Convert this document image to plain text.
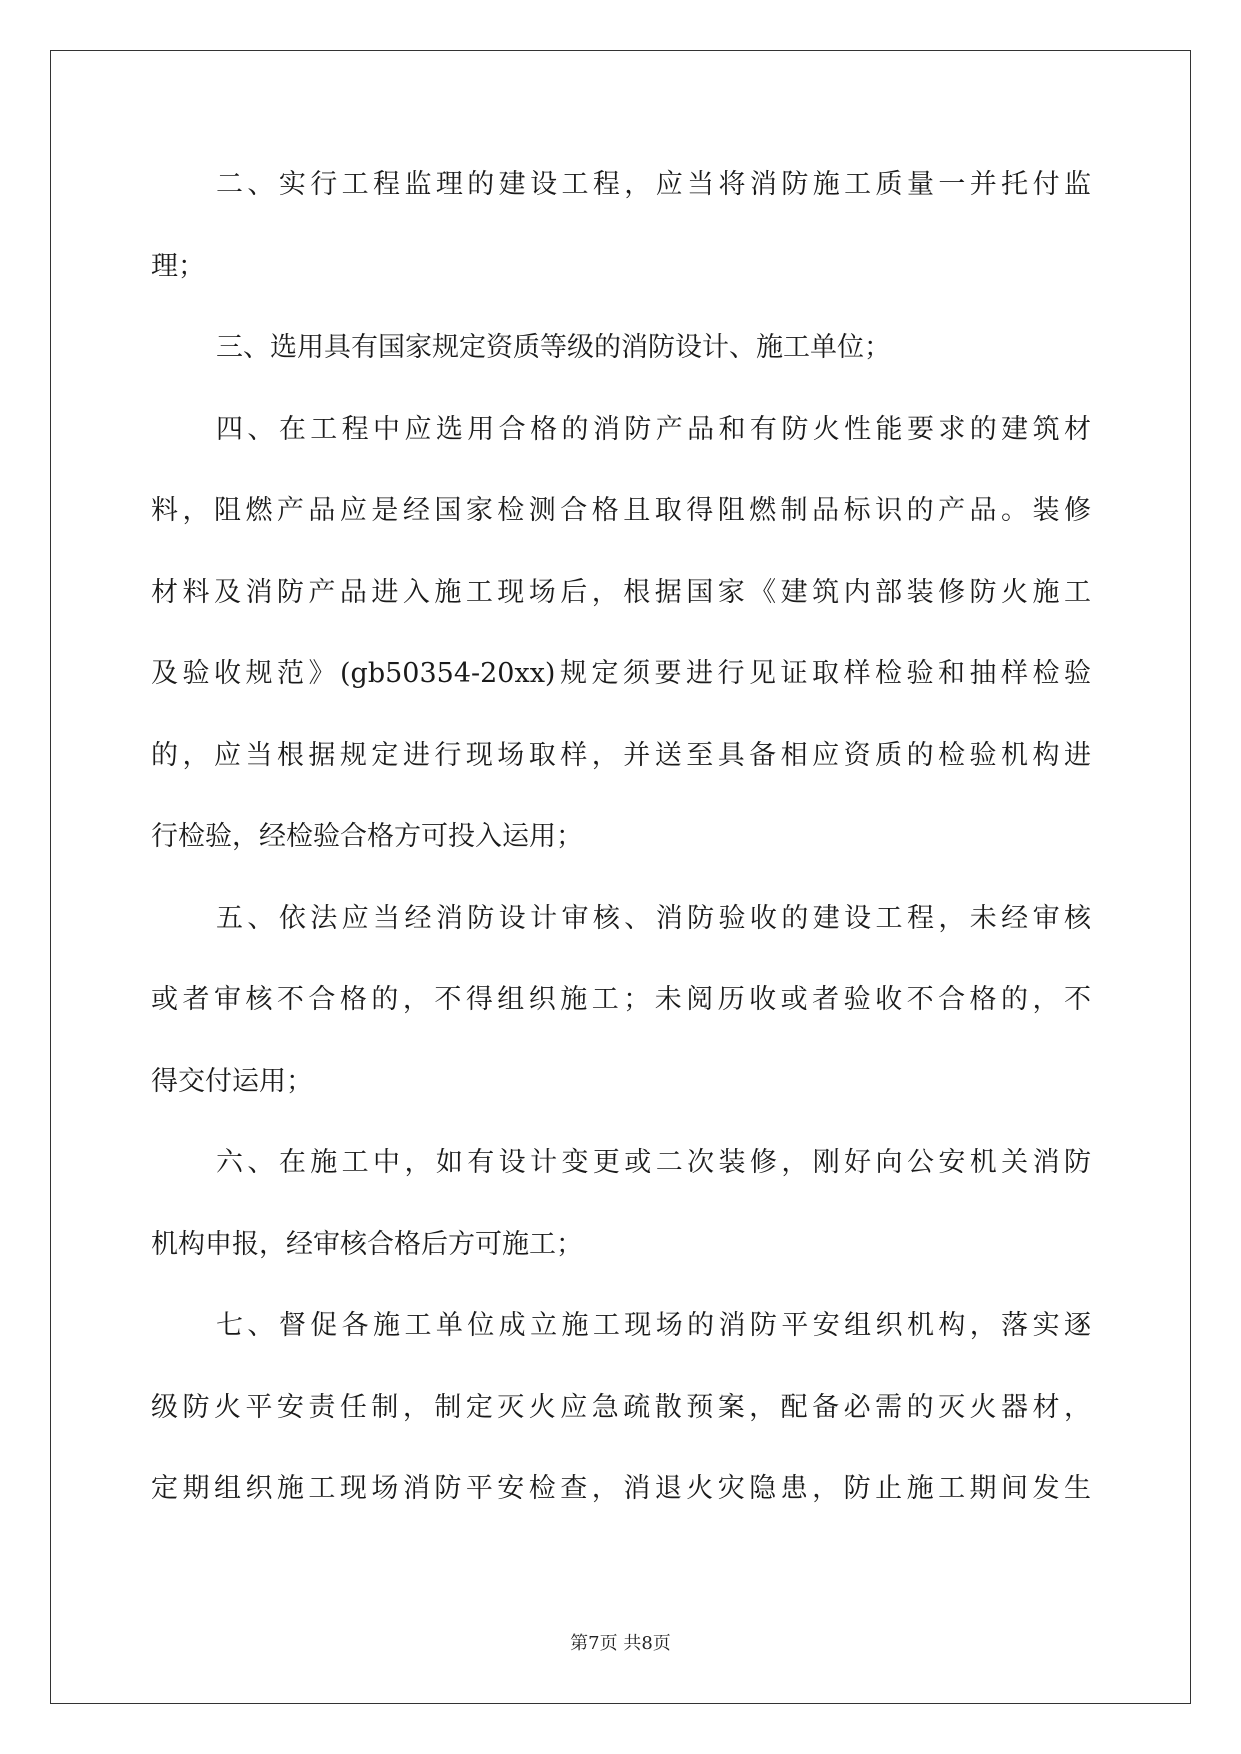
二、实行工程监理的建设工程，应当将消防施工质量一并托付监
理；
三、选用具有国家规定资质等级的消防设计、施工单位；
四、在工程中应选用合格的消防产品和有防火性能要求的建筑材
料，阻燃产品应是经国家检测合格且取得阻燃制品标识的产品。装修
材料及消防产品进入施工现场后，根据国家《建筑内部装修防火施工
及验收规范》(gb50354-20xx)规定须要进行见证取样检验和抽样检验
的，应当根据规定进行现场取样，并送至具备相应资质的检验机构进
行检验，经检验合格方可投入运用；
五、依法应当经消防设计审核、消防验收的建设工程，未经审核
或者审核不合格的，不得组织施工；未阅历收或者验收不合格的，不
得交付运用；
六、在施工中，如有设计变更或二次装修，刚好向公安机关消防
机构申报，经审核合格后方可施工；
七、督促各施工单位成立施工现场的消防平安组织机构，落实逐
级防火平安责任制，制定灭火应急疏散预案，配备必需的灭火器材，
定期组织施工现场消防平安检查，消退火灾隐患，防止施工期间发生
第7页 共8页
